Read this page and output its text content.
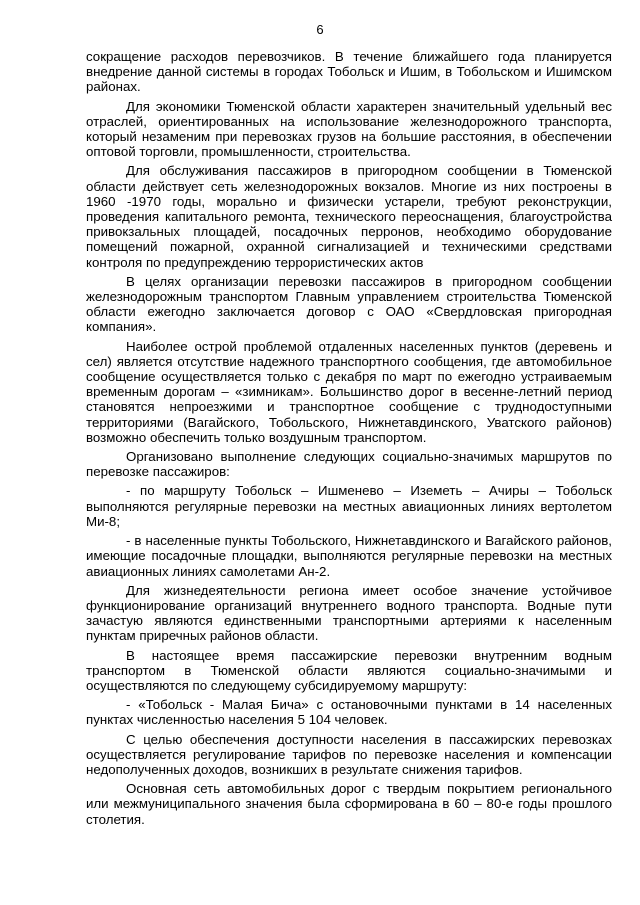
6

сокращение расходов перевозчиков. В течение ближайшего года планируется внедрение данной системы в городах Тобольск и Ишим, в Тобольском и Ишимском районах.

Для экономики Тюменской области характерен значительный удельный вес отраслей, ориентированных на использование железнодорожного транспорта, который незаменим при перевозках грузов на большие расстояния, в обеспечении оптовой торговли, промышленности, строительства.

Для обслуживания пассажиров в пригородном сообщении в Тюменской области действует сеть железнодорожных вокзалов. Многие из них построены в 1960 -1970 годы, морально и физически устарели, требуют реконструкции, проведения капитального ремонта, технического переоснащения, благоустройства привокзальных площадей, посадочных перронов, необходимо оборудование помещений пожарной, охранной сигнализацией и техническими средствами контроля по предупреждению террористических актов

В целях организации перевозки пассажиров в пригородном сообщении железнодорожным транспортом Главным управлением строительства Тюменской области ежегодно заключается договор с ОАО «Свердловская пригородная компания».

Наиболее острой проблемой отдаленных населенных пунктов (деревень и сел) является отсутствие надежного транспортного сообщения, где автомобильное сообщение осуществляется только с декабря по март по ежегодно устраиваемым временным дорогам – «зимникам». Большинство дорог в весенне-летний период становятся непроезжими и транспортное сообщение с труднодоступными территориями (Вагайского, Тобольского, Нижнетавдинского, Уватского районов) возможно обеспечить только воздушным транспортом.

Организовано выполнение следующих социально-значимых маршрутов по перевозке пассажиров:

- по маршруту Тобольск – Ишменево – Иземеть – Ачиры – Тобольск выполняются регулярные перевозки на местных авиационных линиях вертолетом Ми-8;

- в населенные пункты Тобольского, Нижнетавдинского и Вагайского районов, имеющие посадочные площадки, выполняются регулярные перевозки на местных авиационных линиях самолетами Ан-2.

Для жизнедеятельности региона имеет особое значение устойчивое функционирование организаций внутреннего водного транспорта. Водные пути зачастую являются единственными транспортными артериями к населенным пунктам приречных районов области.

В настоящее время пассажирские перевозки внутренним водным транспортом в Тюменской области являются социально-значимыми и осуществляются по следующему субсидируемому маршруту:

- «Тобольск - Малая Бича» с остановочными пунктами в 14 населенных пунктах численностью населения 5 104 человек.

С целью обеспечения доступности населения в пассажирских перевозках осуществляется регулирование тарифов по перевозке населения и компенсации недополученных доходов, возникших в результате снижения тарифов.

Основная сеть автомобильных дорог с твердым покрытием регионального или межмуниципального значения была сформирована в 60 – 80-е годы прошлого столетия.
